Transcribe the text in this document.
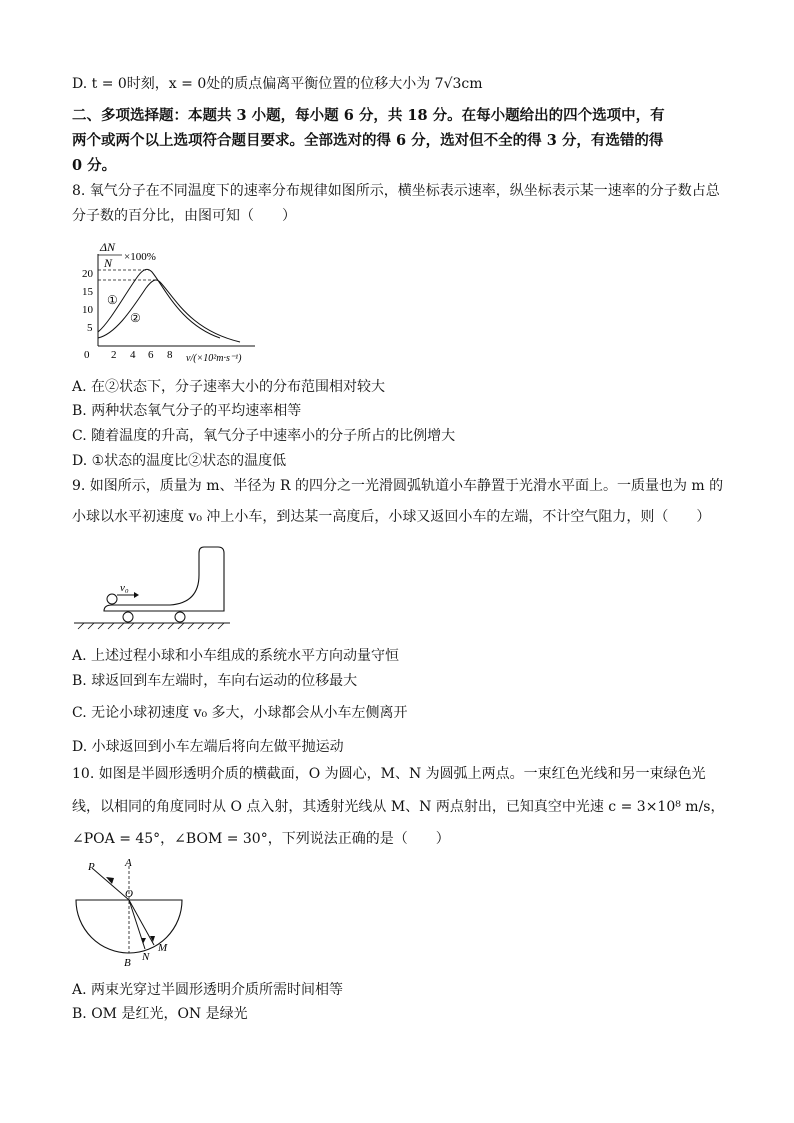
D. t = 0时刻，x = 0处的质点偏离平衡位置的位移大小为 7√3cm
二、多项选择题：本题共 3 小题，每小题 6 分，共 18 分。在每小题给出的四个选项中，有
两个或两个以上选项符合题目要求。全部选对的得 6 分，选对但不全的得 3 分，有选错的得
0 分。
8. 氧气分子在不同温度下的速率分布规律如图所示，横坐标表示速率，纵坐标表示某一速率的分子数占总
分子数的百分比，由图可知（　　）
ΔN
N ×100%
20
15
10
5
0 2 4 6 8 v/(×10²m·s⁻¹)
①
②
A. 在②状态下，分子速率大小的分布范围相对较大
B. 两种状态氧气分子的平均速率相等
C. 随着温度的升高，氧气分子中速率小的分子所占的比例增大
D. ①状态的温度比②状态的温度低
9. 如图所示，质量为 m、半径为 R 的四分之一光滑圆弧轨道小车静置于光滑水平面上。一质量也为 m 的
小球以水平初速度 v₀ 冲上小车，到达某一高度后，小球又返回小车的左端，不计空气阻力，则（　　）
v₀
A. 上述过程小球和小车组成的系统水平方向动量守恒
B. 球返回到车左端时，车向右运动的位移最大
C. 无论小球初速度 v₀ 多大，小球都会从小车左侧离开
D. 小球返回到小车左端后将向左做平抛运动
10. 如图是半圆形透明介质的横截面，O 为圆心，M、N 为圆弧上两点。一束红色光线和另一束绿色光
线，以相同的角度同时从 O 点入射，其透射光线从 M、N 两点射出，已知真空中光速 c = 3×10⁸ m/s，
∠POA = 45°，∠BOM = 30°，下列说法正确的是（　　）
P	A
O
B N
M
A. 两束光穿过半圆形透明介质所需时间相等
B. OM 是红光，ON 是绿光
